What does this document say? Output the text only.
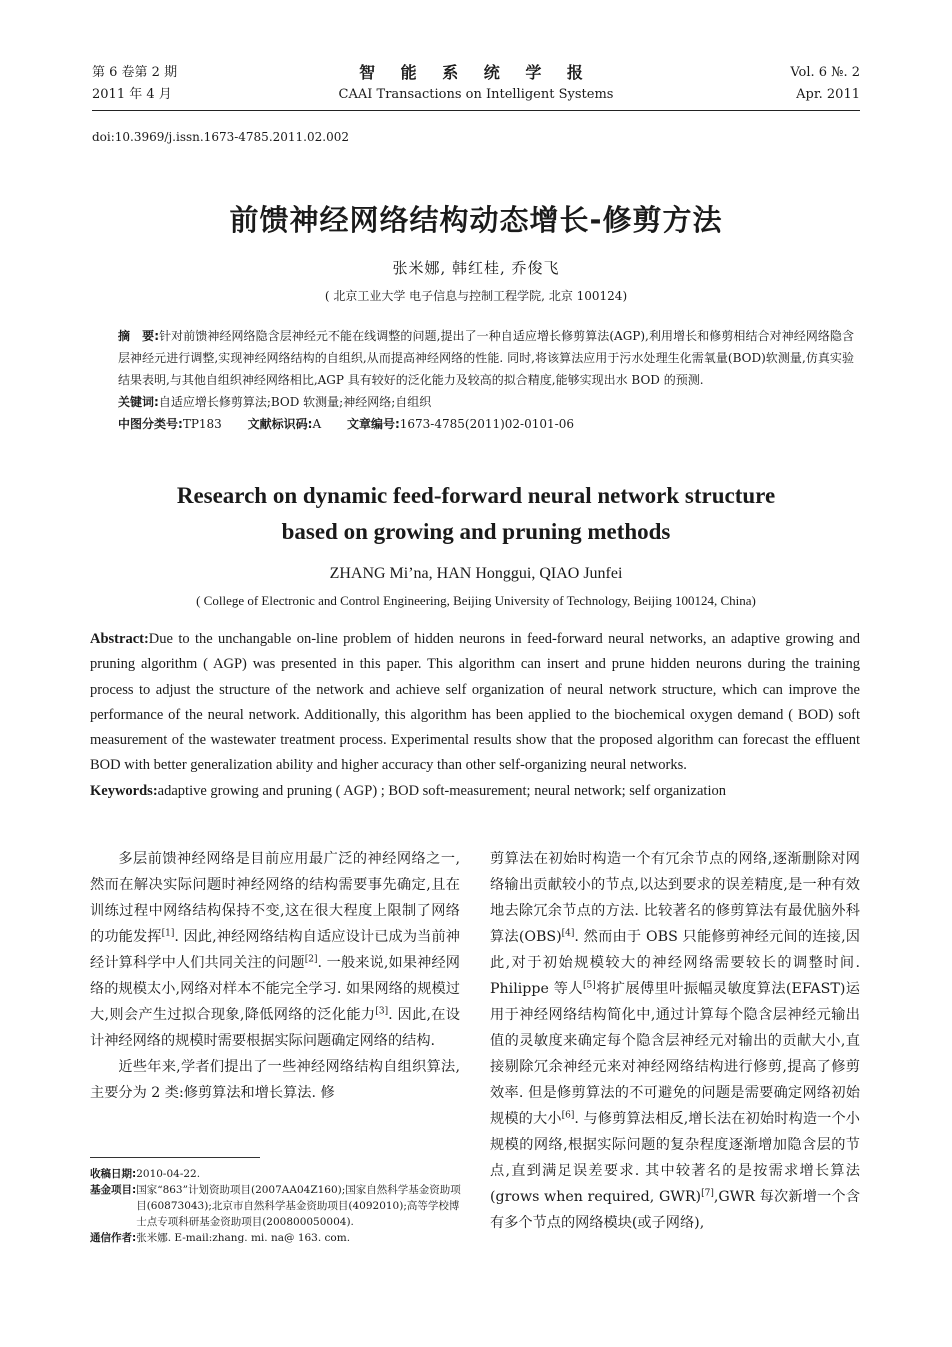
第 6 卷第 2 期
2011 年 4 月
智 能 系 统 学 报
CAAI Transactions on Intelligent Systems
Vol. 6 №. 2
Apr. 2011
doi:10.3969/j.issn.1673-4785.2011.02.002
前馈神经网络结构动态增长-修剪方法
张米娜, 韩红桂, 乔俊飞
( 北京工业大学 电子信息与控制工程学院, 北京 100124)

摘　要:针对前馈神经网络隐含层神经元不能在线调整的问题,提出了一种自适应增长修剪算法(AGP),利用增长和修剪相结合对神经网络隐含层神经元进行调整,实现神经网络结构的自组织,从而提高神经网络的性能. 同时,将该算法应用于污水处理生化需氧量(BOD)软测量,仿真实验结果表明,与其他自组织神经网络相比,AGP 具有较好的泛化能力及较高的拟合精度,能够实现出水 BOD 的预测.

关键词:自适应增长修剪算法;BOD 软测量;神经网络;自组织

中图分类号:TP183 文献标识码:A 文章编号:1673-4785(2011)02-0101-06

Research on dynamic feed-forward neural network structure
based on growing and pruning methods
ZHANG Mi’na, HAN Honggui, QIAO Junfei
( College of Electronic and Control Engineering, Beijing University of Technology, Beijing 100124, China)

Abstract:Due to the unchangable on-line problem of hidden neurons in feed-forward neural networks, an adaptive growing and pruning algorithm ( AGP) was presented in this paper. This algorithm can insert and prune hidden neurons during the training process to adjust the structure of the network and achieve self organization of neural network structure, which can improve the performance of the neural network. Additionally, this algorithm has been applied to the biochemical oxygen demand ( BOD) soft measurement of the wastewater treatment process. Experimental results show that the proposed algorithm can forecast the effluent BOD with better generalization ability and higher accuracy than other self-organizing neural networks.

Keywords:adaptive growing and pruning ( AGP) ; BOD soft-measurement; neural network; self organization

多层前馈神经网络是目前应用最广泛的神经网络之一,然而在解决实际问题时神经网络的结构需要事先确定,且在训练过程中网络结构保持不变,这在很大程度上限制了网络的功能发挥[1]. 因此,神经网络结构自适应设计已成为当前神经计算科学中人们共同关注的问题[2]. 一般来说,如果神经网络的规模太小,网络对样本不能完全学习. 如果网络的规模过大,则会产生过拟合现象,降低网络的泛化能力[3]. 因此,在设计神经网络的规模时需要根据实际问题确定网络的结构.

近些年来,学者们提出了一些神经网络结构自组织算法,主要分为 2 类:修剪算法和增长算法. 修

剪算法在初始时构造一个有冗余节点的网络,逐渐删除对网络输出贡献较小的节点,以达到要求的误差精度,是一种有效地去除冗余节点的方法. 比较著名的修剪算法有最优脑外科算法(OBS)[4]. 然而由于 OBS 只能修剪神经元间的连接,因此,对于初始规模较大的神经网络需要较长的调整时间. Philippe 等人[5]将扩展傅里叶振幅灵敏度算法(EFAST)运用于神经网络结构简化中,通过计算每个隐含层神经元输出值的灵敏度来确定每个隐含层神经元对输出的贡献大小,直接剔除冗余神经元来对神经网络结构进行修剪,提高了修剪效率. 但是修剪算法的不可避免的问题是需要确定网络初始规模的大小[6]. 与修剪算法相反,增长法在初始时构造一个小规模的网络,根据实际问题的复杂程度逐渐增加隐含层的节点,直到满足误差要求. 其中较著名的是按需求增长算法(grows when required, GWR)[7],GWR 每次新增一个含有多个节点的网络模块(或子网络),

收稿日期: 2010-04-22.
基金项目: 国家“863”计划资助项目(2007AA04Z160);国家自然科学基金资助项目(60873043);北京市自然科学基金资助项目(4092010);高等学校博士点专项科研基金资助项目(200800050004).
通信作者: 张米娜. E-mail:zhang. mi. na@ 163. com.
